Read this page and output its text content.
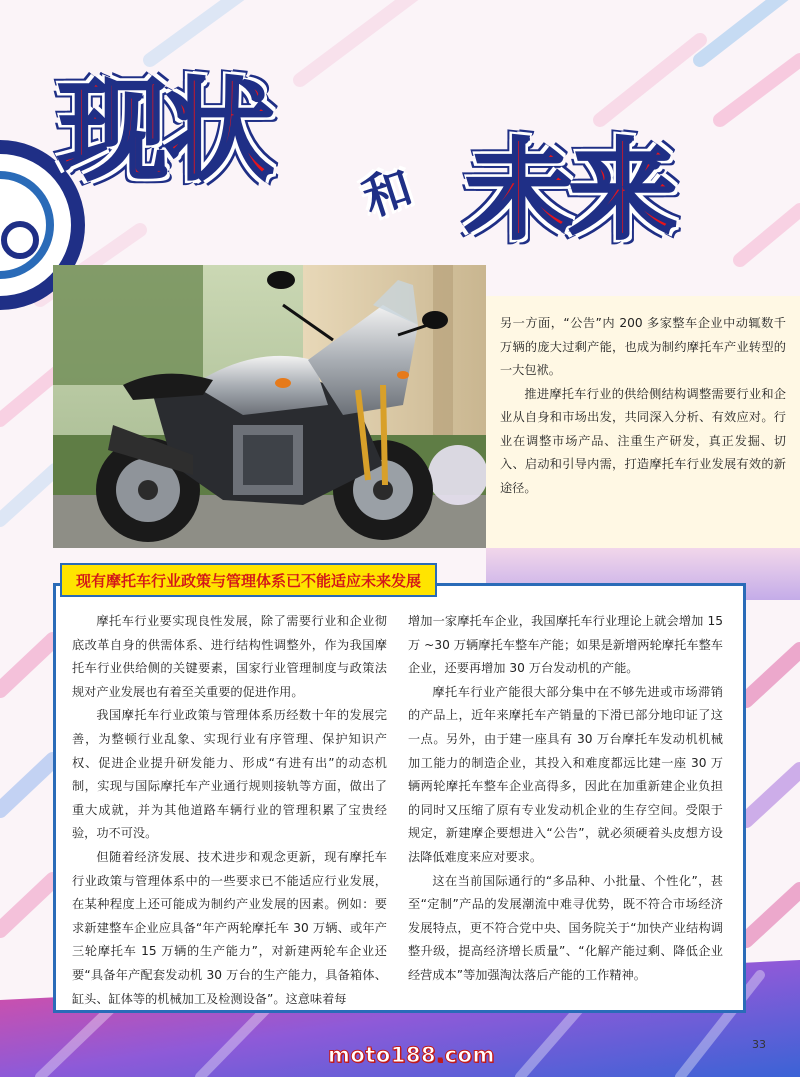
现状 和 未来

另一方面，“公告”内 200 多家整车企业中动辄数千万辆的庞大过剩产能，也成为制约摩托车产业转型的一大包袱。

推进摩托车行业的供给侧结构调整需要行业和企业从自身和市场出发，共同深入分析、有效应对。行业在调整市场产品、注重生产研发，真正发掘、切入、启动和引导内需，打造摩托车行业发展有效的新途径。

现有摩托车行业政策与管理体系已不能适应未来发展

摩托车行业要实现良性发展，除了需要行业和企业彻底改革自身的供需体系、进行结构性调整外，作为我国摩托车行业供给侧的关键要素，国家行业管理制度与政策法规对产业发展也有着至关重要的促进作用。

我国摩托车行业政策与管理体系历经数十年的发展完善，为整顿行业乱象、实现行业有序管理、保护知识产权、促进企业提升研发能力、形成“有进有出”的动态机制，实现与国际摩托车产业通行规则接轨等方面，做出了重大成就，并为其他道路车辆行业的管理积累了宝贵经验，功不可没。

但随着经济发展、技术进步和观念更新，现有摩托车行业政策与管理体系中的一些要求已不能适应行业发展，在某种程度上还可能成为制约产业发展的因素。例如：要求新建整车企业应具备“年产两轮摩托车 30 万辆、或年产三轮摩托车 15 万辆的生产能力”，对新建两轮车企业还要“具备年产配套发动机 30 万台的生产能力，具备箱体、缸头、缸体等的机械加工及检测设备”。这意味着每

增加一家摩托车企业，我国摩托车行业理论上就会增加 15 万 ~30 万辆摩托车整车产能；如果是新增两轮摩托车整车企业，还要再增加 30 万台发动机的产能。

摩托车行业产能很大部分集中在不够先进或市场滞销的产品上，近年来摩托车产销量的下滑已部分地印证了这一点。另外，由于建一座具有 30 万台摩托车发动机机械加工能力的制造企业，其投入和难度都远比建一座 30 万辆两轮摩托车整车企业高得多，因此在加重新建企业负担的同时又压缩了原有专业发动机企业的生存空间。受限于规定，新建摩企要想进入“公告”，就必须硬着头皮想方设法降低难度来应对要求。

这在当前国际通行的“多品种、小批量、个性化”，甚至“定制”产品的发展潮流中难寻优势，既不符合市场经济发展特点，更不符合党中央、国务院关于“加快产业结构调整升级，提高经济增长质量”、“化解产能过剩、降低企业经营成本”等加强淘汰落后产能的工作精神。

33
moto188.com
